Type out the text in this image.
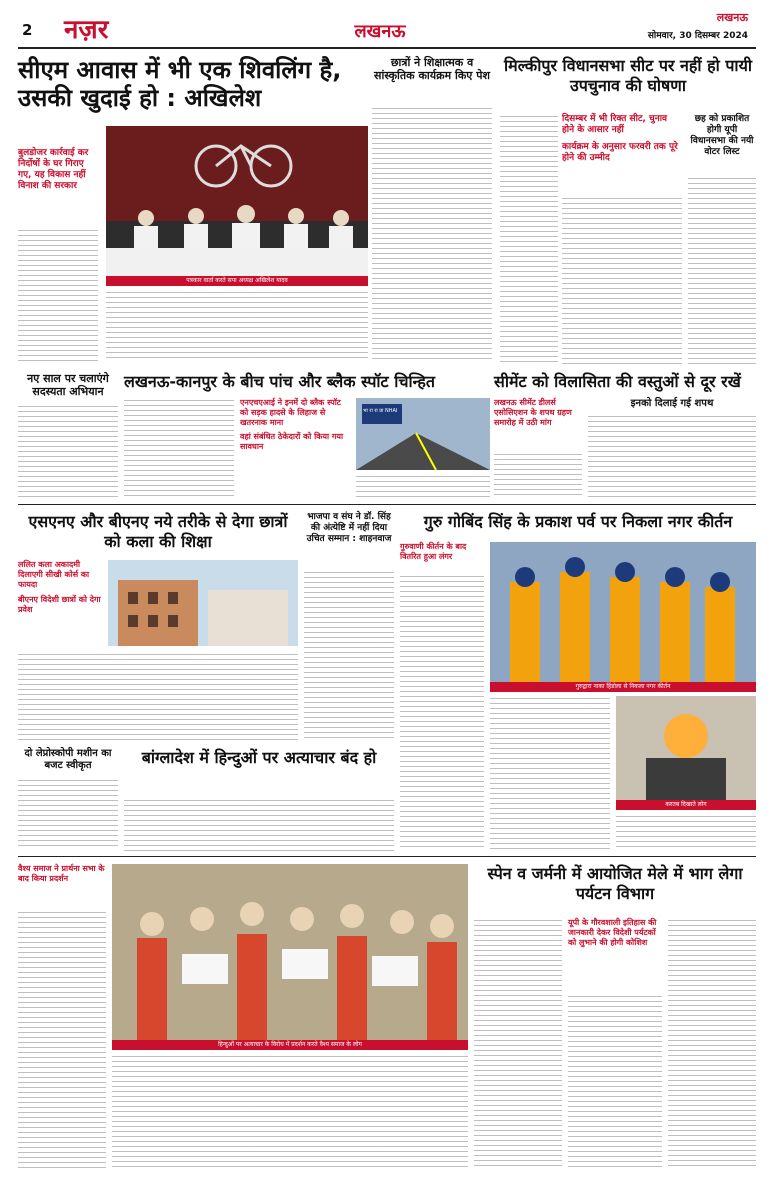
2 नज़र	लखनऊ
लखनऊ
सोमवार, 30 दिसम्बर 2024
सीएम आवास में भी एक शिवलिंग है, उसकी खुदाई हो : अखिलेश
बुलडोजर कार्रवाई कर निर्दोषों के घर गिराए गए, यह विकास नहीं विनाश की सरकार
पत्रकार वार्ता करते सपा अध्यक्ष अखिलेश यादव
छात्रों ने शिक्षात्मक व सांस्कृतिक कार्यक्रम किए पेश
मिल्कीपुर विधानसभा सीट पर नहीं हो पायी उपचुनाव की घोषणा
दिसम्बर में भी रिक्त सीट, चुनाव होने के आसार नहीं
कार्यक्रम के अनुसार फरवरी तक पूरे होने की उम्मीद
छह को प्रकाशित होगी यूपी विधानसभा की नयी वोटर लिस्ट
नए साल पर चलाएंगे सदस्यता अभियान
लखनऊ-कानपुर के बीच पांच और ब्लैक स्पॉट चिन्हित
एनएचएआई ने इनमें दो ब्लैक स्पॉट को सड़क हादसे के लिहाज से खतरनाक माना
वहां संबंधित ठेकेदारों को किया गया सावधान
भा रा रा प्रा NHAI
सीमेंट को विलासिता की वस्तुओं से दूर रखें
लखनऊ सीमेंट डीलर्स एसोसिएशन के शपथ ग्रहण समारोह में उठी मांग
इनको दिलाई गई शपथ
एसएनए और बीएनए नये तरीके से देगा छात्रों को कला की शिक्षा
ललित कला अकादमी दिलाएगी सीखी कोर्स का फायदा
बीएनए विदेशी छात्रों को देगा प्रवेश
भाजपा व संघ ने डॉ. सिंह की अंत्येष्टि में नहीं दिया उचित सम्मान : शाहनवाज
गुरु गोबिंद सिंह के प्रकाश पर्व पर निकला नगर कीर्तन
गुरुवाणी कीर्तन के बाद वितरित हुआ लंगर
गुरुद्वारा नाका हिंडोला से निकला नगर कीर्तन
करतब दिखाते लोग
दो लेप्रोस्कोपी मशीन का बजट स्वीकृत	बांग्लादेश में हिन्दुओं पर अत्याचार बंद हो
वैश्य समाज ने प्रार्थना सभा के बाद किया प्रदर्शन
हिन्दुओं पर अत्याचार के विरोध में प्रदर्शन करते वैश्य समाज के लोग
स्पेन व जर्मनी में आयोजित मेले में भाग लेगा पर्यटन विभाग
यूपी के गौरवशाली इतिहास की जानकारी देकर विदेशी पर्यटकों को लुभाने की होगी कोशिश
